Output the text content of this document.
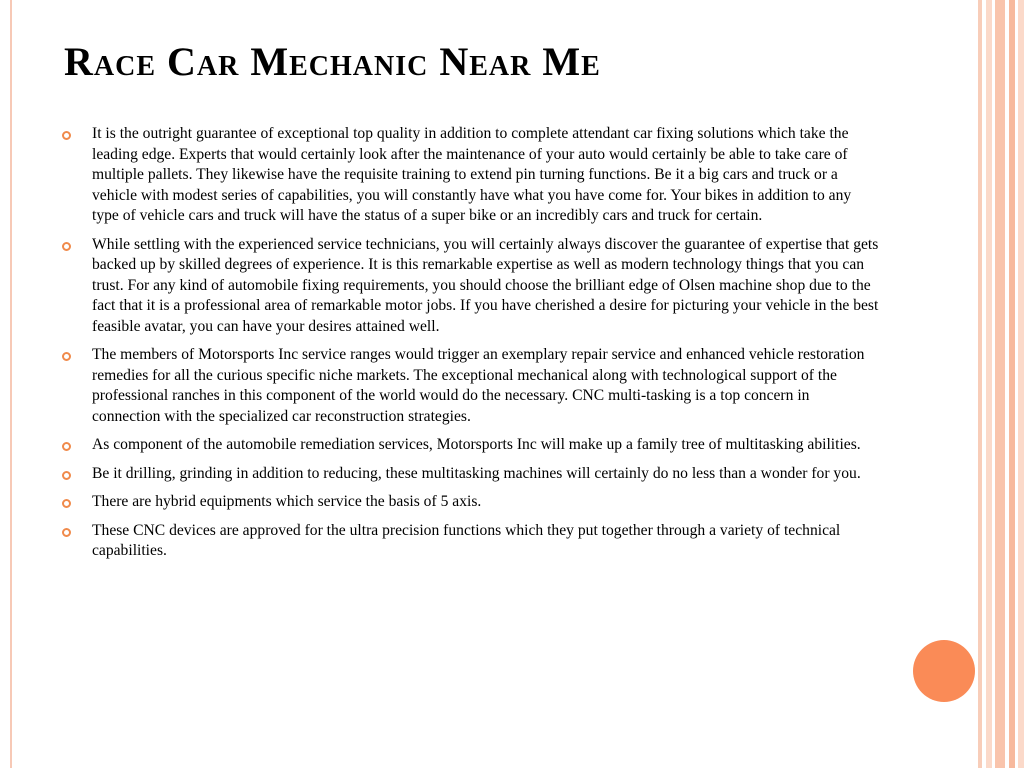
Race Car Mechanic Near Me
It is the outright guarantee of exceptional top quality in addition to complete attendant car fixing solutions which take the leading edge. Experts that would certainly look after the maintenance of your auto would certainly be able to take care of multiple pallets. They likewise have the requisite training to extend pin turning functions. Be it a big cars and truck or a vehicle with modest series of capabilities, you will constantly have what you have come for. Your bikes in addition to any type of vehicle cars and truck will have the status of a super bike or an incredibly cars and truck for certain.
While settling with the experienced service technicians, you will certainly always discover the guarantee of expertise that gets backed up by skilled degrees of experience. It is this remarkable expertise as well as modern technology things that you can trust. For any kind of automobile fixing requirements, you should choose the brilliant edge of Olsen machine shop due to the fact that it is a professional area of remarkable motor jobs. If you have cherished a desire for picturing your vehicle in the best feasible avatar, you can have your desires attained well.
The members of Motorsports Inc service ranges would trigger an exemplary repair service and enhanced vehicle restoration remedies for all the curious specific niche markets. The exceptional mechanical along with technological support of the professional ranches in this component of the world would do the necessary. CNC multi-tasking is a top concern in connection with the specialized car reconstruction strategies.
As component of the automobile remediation services, Motorsports Inc will make up a family tree of multitasking abilities.
Be it drilling, grinding in addition to reducing, these multitasking machines will certainly do no less than a wonder for you.
There are hybrid equipments which service the basis of 5 axis.
These CNC devices are approved for the ultra precision functions which they put together through a variety of technical capabilities.
